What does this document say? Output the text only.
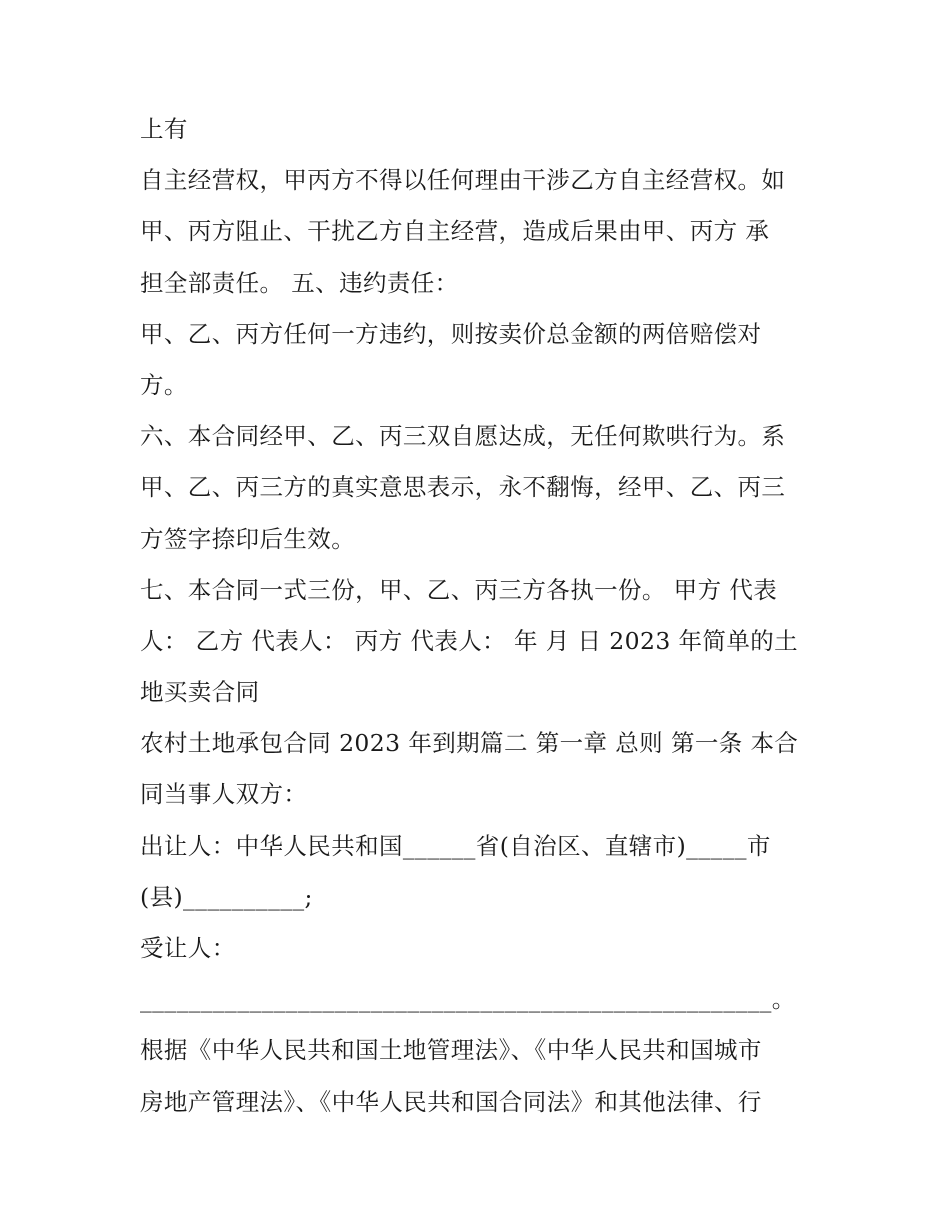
上有
自主经营权，甲丙方不得以任何理由干涉乙方自主经营权。如
甲、丙方阻止、干扰乙方自主经营，造成后果由甲、丙方 承
担全部责任。 五、违约责任：
甲、乙、丙方任何一方违约，则按卖价总金额的两倍赔偿对
方。
六、本合同经甲、乙、丙三双自愿达成，无任何欺哄行为。系
甲、乙、丙三方的真实意思表示，永不翻悔，经甲、乙、丙三
方签字捺印后生效。
七、本合同一式三份，甲、乙、丙三方各执一份。 甲方 代表
人： 乙方 代表人： 丙方 代表人： 年 月 日 2023 年简单的土
地买卖合同
农村土地承包合同 2023 年到期篇二 第一章 总则 第一条 本合
同当事人双方：
出让人：中华人民共和国______省(自治区、直辖市)_____市
(县)__________;
受让人：
____________________________________________________。
根据《中华人民共和国土地管理法》、《中华人民共和国城市
房地产管理法》、《中华人民共和国合同法》和其他法律、行
